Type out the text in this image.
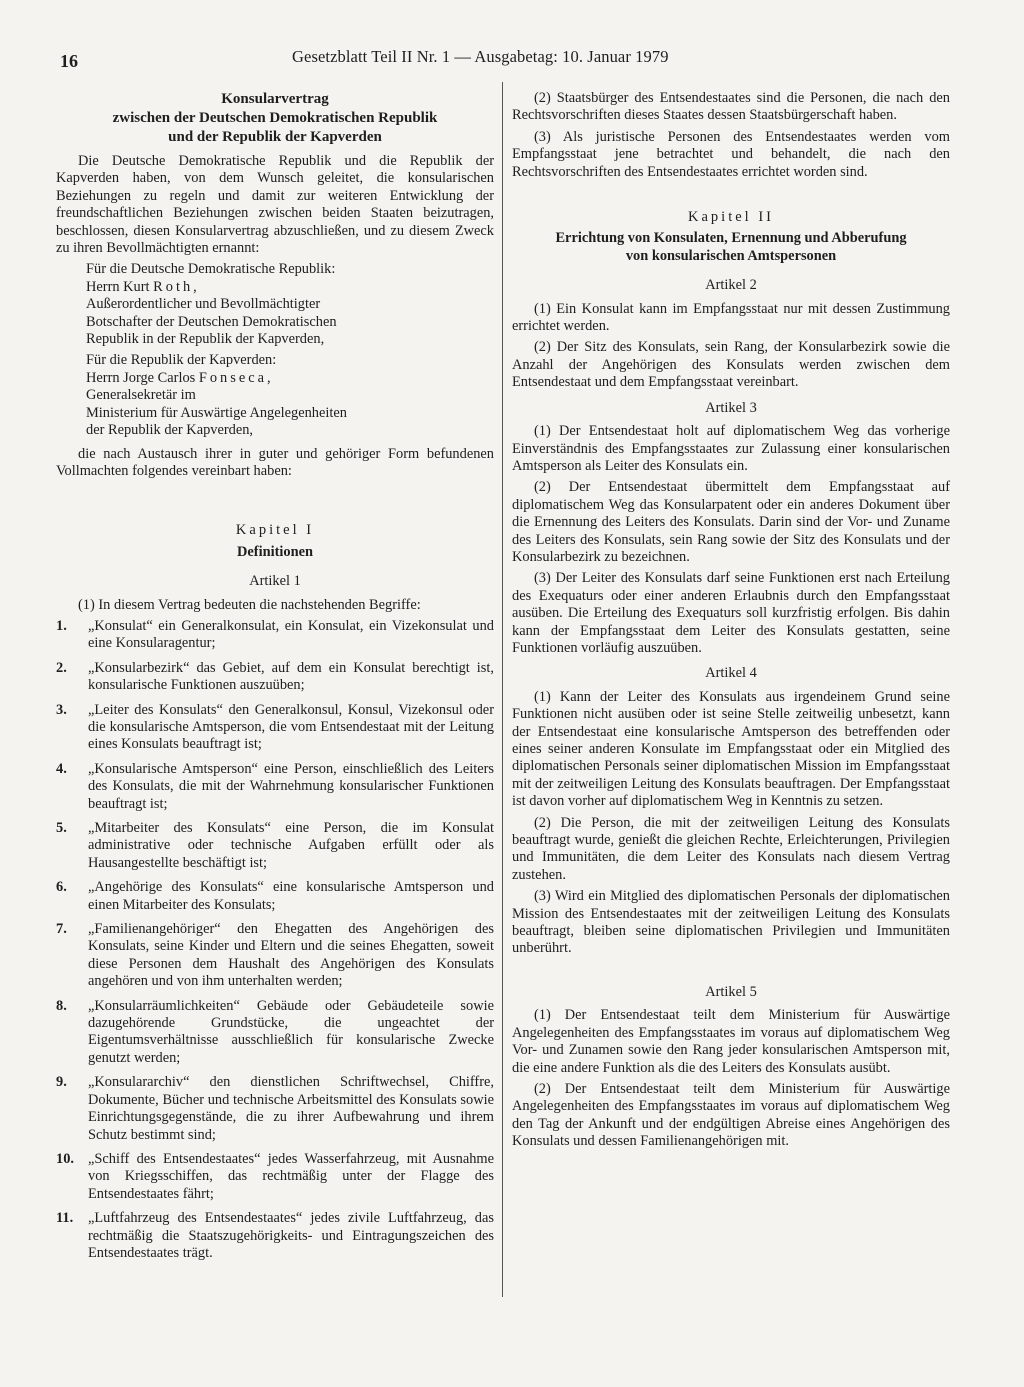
16	Gesetzblatt Teil II Nr. 1 — Ausgabetag: 10. Januar 1979
Konsularvertrag
zwischen der Deutschen Demokratischen Republik
und der Republik der Kapverden

Die Deutsche Demokratische Republik und die Republik der Kapverden haben, von dem Wunsch geleitet, die konsularischen Beziehungen zu regeln und damit zur weiteren Entwicklung der freundschaftlichen Beziehungen zwischen beiden Staaten beizutragen, beschlossen, diesen Konsularvertrag abzuschließen, und zu diesem Zweck zu ihren Bevollmächtigten ernannt:

Für die Deutsche Demokratische Republik:

Herrn Kurt Roth,

Außerordentlicher und Bevollmächtigter
Botschafter der Deutschen Demokratischen
Republik in der Republik der Kapverden,

Für die Republik der Kapverden:

Herrn Jorge Carlos Fonseca,

Generalsekretär im
Ministerium für Auswärtige Angelegenheiten
der Republik der Kapverden,

die nach Austausch ihrer in guter und gehöriger Form befundenen Vollmachten folgendes vereinbart haben:

Kapitel I
Definitionen
Artikel 1

(1) In diesem Vertrag bedeuten die nachstehenden Begriffe:

1. „Konsulat“ ein Generalkonsulat, ein Konsulat, ein Vizekonsulat und eine Konsularagentur;
2. „Konsularbezirk“ das Gebiet, auf dem ein Konsulat berechtigt ist, konsularische Funktionen auszuüben;
3. „Leiter des Konsulats“ den Generalkonsul, Konsul, Vizekonsul oder die konsularische Amtsperson, die vom Entsendestaat mit der Leitung eines Konsulats beauftragt ist;
4. „Konsularische Amtsperson“ eine Person, einschließlich des Leiters des Konsulats, die mit der Wahrnehmung konsularischer Funktionen beauftragt ist;
5. „Mitarbeiter des Konsulats“ eine Person, die im Konsulat administrative oder technische Aufgaben erfüllt oder als Hausangestellte beschäftigt ist;
6. „Angehörige des Konsulats“ eine konsularische Amtsperson und einen Mitarbeiter des Konsulats;
7. „Familienangehöriger“ den Ehegatten des Angehörigen des Konsulats, seine Kinder und Eltern und die seines Ehegatten, soweit diese Personen dem Haushalt des Angehörigen des Konsulats angehören und von ihm unterhalten werden;
8. „Konsularräumlichkeiten“ Gebäude oder Gebäudeteile sowie dazugehörende Grundstücke, die ungeachtet der Eigentumsverhältnisse ausschließlich für konsularische Zwecke genutzt werden;
9. „Konsulararchiv“ den dienstlichen Schriftwechsel, Chiffre, Dokumente, Bücher und technische Arbeitsmittel des Konsulats sowie Einrichtungsgegenstände, die zu ihrer Aufbewahrung und ihrem Schutz bestimmt sind;
10. „Schiff des Entsendestaates“ jedes Wasserfahrzeug, mit Ausnahme von Kriegsschiffen, das rechtmäßig unter der Flagge des Entsendestaates fährt;
11. „Luftfahrzeug des Entsendestaates“ jedes zivile Luftfahrzeug, das rechtmäßig die Staatszugehörigkeits- und Eintragungszeichen des Entsendestaates trägt.

(2) Staatsbürger des Entsendestaates sind die Personen, die nach den Rechtsvorschriften dieses Staates dessen Staatsbürgerschaft haben.

(3) Als juristische Personen des Entsendestaates werden vom Empfangsstaat jene betrachtet und behandelt, die nach den Rechtsvorschriften des Entsendestaates errichtet worden sind.

Kapitel II
Errichtung von Konsulaten, Ernennung und Abberufung
von konsularischen Amtspersonen
Artikel 2

(1) Ein Konsulat kann im Empfangsstaat nur mit dessen Zustimmung errichtet werden.

(2) Der Sitz des Konsulats, sein Rang, der Konsularbezirk sowie die Anzahl der Angehörigen des Konsulats werden zwischen dem Entsendestaat und dem Empfangsstaat vereinbart.

Artikel 3

(1) Der Entsendestaat holt auf diplomatischem Weg das vorherige Einverständnis des Empfangsstaates zur Zulassung einer konsularischen Amtsperson als Leiter des Konsulats ein.

(2) Der Entsendestaat übermittelt dem Empfangsstaat auf diplomatischem Weg das Konsularpatent oder ein anderes Dokument über die Ernennung des Leiters des Konsulats. Darin sind der Vor- und Zuname des Leiters des Konsulats, sein Rang sowie der Sitz des Konsulats und der Konsularbezirk zu bezeichnen.

(3) Der Leiter des Konsulats darf seine Funktionen erst nach Erteilung des Exequaturs oder einer anderen Erlaubnis durch den Empfangsstaat ausüben. Die Erteilung des Exequaturs soll kurzfristig erfolgen. Bis dahin kann der Empfangsstaat dem Leiter des Konsulats gestatten, seine Funktionen vorläufig auszuüben.

Artikel 4

(1) Kann der Leiter des Konsulats aus irgendeinem Grund seine Funktionen nicht ausüben oder ist seine Stelle zeitweilig unbesetzt, kann der Entsendestaat eine konsularische Amtsperson des betreffenden oder eines seiner anderen Konsulate im Empfangsstaat oder ein Mitglied des diplomatischen Personals seiner diplomatischen Mission im Empfangsstaat mit der zeitweiligen Leitung des Konsulats beauftragen. Der Empfangsstaat ist davon vorher auf diplomatischem Weg in Kenntnis zu setzen.

(2) Die Person, die mit der zeitweiligen Leitung des Konsulats beauftragt wurde, genießt die gleichen Rechte, Erleichterungen, Privilegien und Immunitäten, die dem Leiter des Konsulats nach diesem Vertrag zustehen.

(3) Wird ein Mitglied des diplomatischen Personals der diplomatischen Mission des Entsendestaates mit der zeitweiligen Leitung des Konsulats beauftragt, bleiben seine diplomatischen Privilegien und Immunitäten unberührt.

Artikel 5

(1) Der Entsendestaat teilt dem Ministerium für Auswärtige Angelegenheiten des Empfangsstaates im voraus auf diplomatischem Weg Vor- und Zunamen sowie den Rang jeder konsularischen Amtsperson mit, die eine andere Funktion als die des Leiters des Konsulats ausübt.

(2) Der Entsendestaat teilt dem Ministerium für Auswärtige Angelegenheiten des Empfangsstaates im voraus auf diplomatischem Weg den Tag der Ankunft und der endgültigen Abreise eines Angehörigen des Konsulats und dessen Familienangehörigen mit.
